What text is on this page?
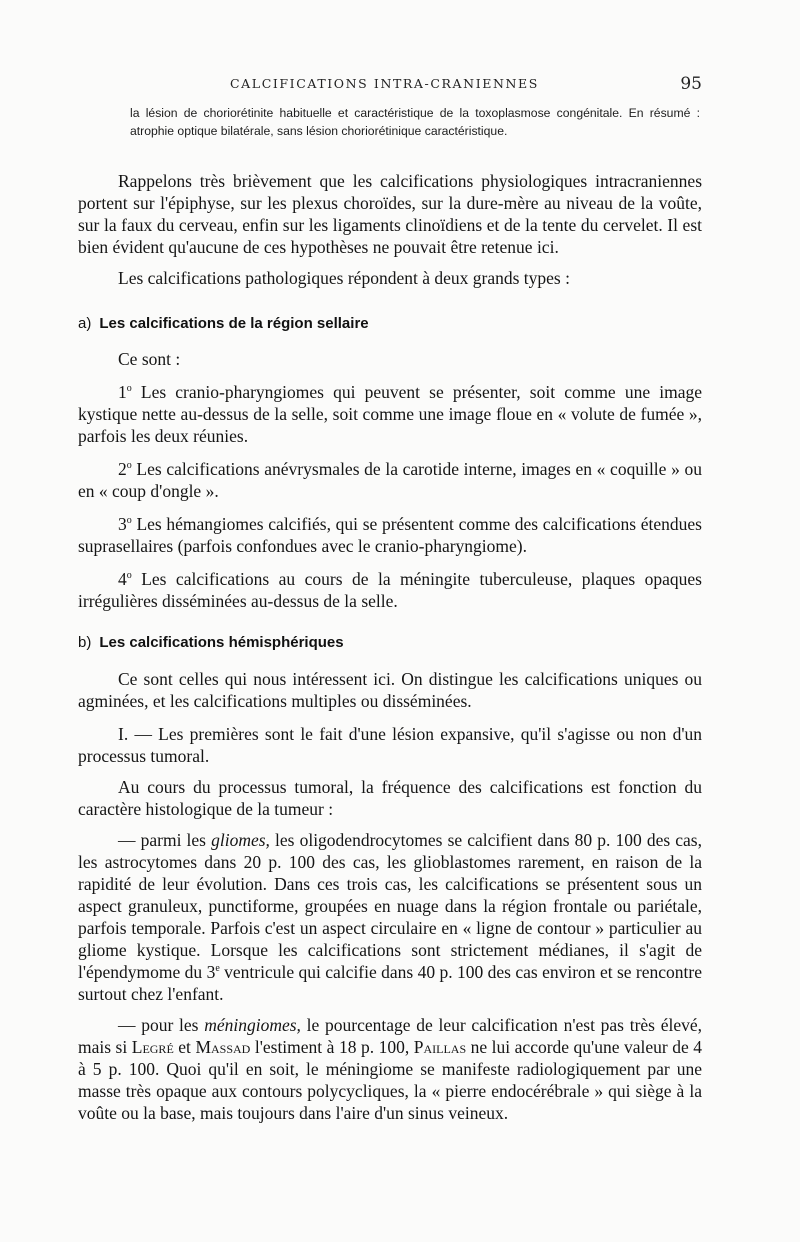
CALCIFICATIONS INTRA-CRANIENNES	95
la lésion de choriorétinite habituelle et caractéristique de la toxoplasmose congénitale. En résumé : atrophie optique bilatérale, sans lésion choriorétinique caractéristique.

Rappelons très brièvement que les calcifications physiologiques intracraniennes portent sur l'épiphyse, sur les plexus choroïdes, sur la dure-mère au niveau de la voûte, sur la faux du cerveau, enfin sur les ligaments clinoïdiens et de la tente du cervelet. Il est bien évident qu'aucune de ces hypothèses ne pouvait être retenue ici.

Les calcifications pathologiques répondent à deux grands types :

a) Les calcifications de la région sellaire

Ce sont :

1$^o$ Les cranio-pharyngiomes qui peuvent se présenter, soit comme une image kystique nette au-dessus de la selle, soit comme une image floue en « volute de fumée », parfois les deux réunies.

2$^o$ Les calcifications anévrysmales de la carotide interne, images en « coquille » ou en « coup d'ongle ».

3$^o$ Les hémangiomes calcifiés, qui se présentent comme des calcifications étendues suprasellaires (parfois confondues avec le cranio-pharyngiome).

4$^o$ Les calcifications au cours de la méningite tuberculeuse, plaques opaques irrégulières disséminées au-dessus de la selle.

b) Les calcifications hémisphériques

Ce sont celles qui nous intéressent ici. On distingue les calcifications uniques ou agminées, et les calcifications multiples ou disséminées.

I. — Les premières sont le fait d'une lésion expansive, qu'il s'agisse ou non d'un processus tumoral.

Au cours du processus tumoral, la fréquence des calcifications est fonction du caractère histologique de la tumeur :

— parmi les gliomes, les oligodendrocytomes se calcifient dans 80 p. 100 des cas, les astrocytomes dans 20 p. 100 des cas, les glioblastomes rarement, en raison de la rapidité de leur évolution. Dans ces trois cas, les calcifications se présentent sous un aspect granuleux, punctiforme, groupées en nuage dans la région frontale ou pariétale, parfois temporale. Parfois c'est un aspect circulaire en « ligne de contour » particulier au gliome kystique. Lorsque les calcifications sont strictement médianes, il s'agit de l'épendymome du 3e ventricule qui calcifie dans 40 p. 100 des cas environ et se rencontre surtout chez l'enfant.

— pour les méningiomes, le pourcentage de leur calcification n'est pas très élevé, mais si Legré et Massad l'estiment à 18 p. 100, Paillas ne lui accorde qu'une valeur de 4 à 5 p. 100. Quoi qu'il en soit, le méningiome se manifeste radiologiquement par une masse très opaque aux contours polycycliques, la « pierre endocérébrale » qui siège à la voûte ou la base, mais toujours dans l'aire d'un sinus veineux.
